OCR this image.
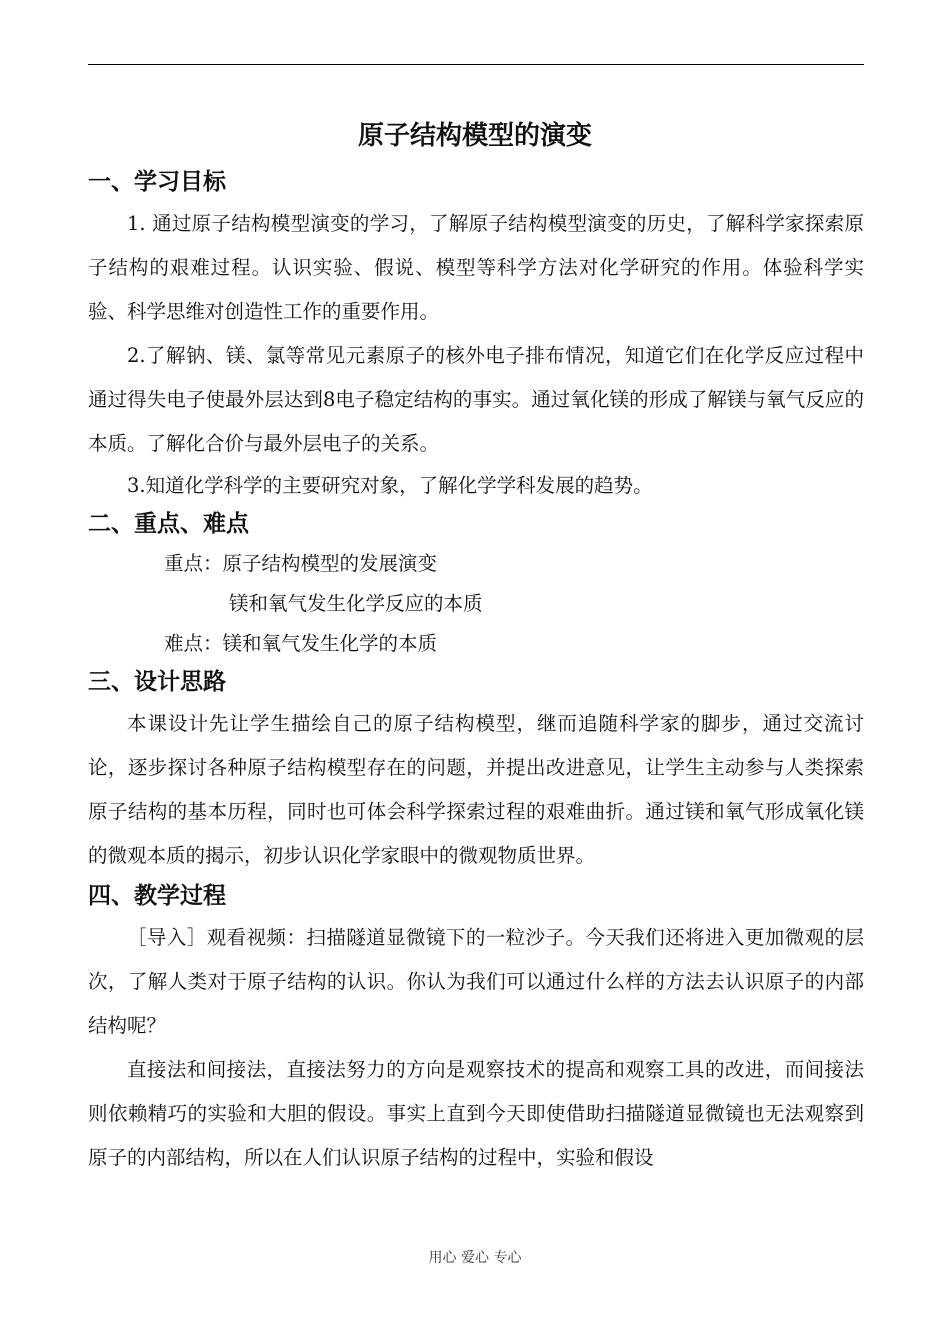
原子结构模型的演变
一、学习目标

1. 通过原子结构模型演变的学习，了解原子结构模型演变的历史，了解科学家探索原子结构的艰难过程。认识实验、假说、模型等科学方法对化学研究的作用。体验科学实验、科学思维对创造性工作的重要作用。

2.了解钠、镁、氯等常见元素原子的核外电子排布情况，知道它们在化学反应过程中通过得失电子使最外层达到8电子稳定结构的事实。通过氧化镁的形成了解镁与氧气反应的本质。了解化合价与最外层电子的关系。

3.知道化学科学的主要研究对象，了解化学学科发展的趋势。

二、重点、难点
重点：原子结构模型的发展演变
镁和氧气发生化学反应的本质
难点：镁和氧气发生化学的本质
三、设计思路

本课设计先让学生描绘自己的原子结构模型，继而追随科学家的脚步，通过交流讨论，逐步探讨各种原子结构模型存在的问题，并提出改进意见，让学生主动参与人类探索原子结构的基本历程，同时也可体会科学探索过程的艰难曲折。通过镁和氧气形成氧化镁的微观本质的揭示，初步认识化学家眼中的微观物质世界。

四、教学过程

［导入］观看视频：扫描隧道显微镜下的一粒沙子。今天我们还将进入更加微观的层次，了解人类对于原子结构的认识。你认为我们可以通过什么样的方法去认识原子的内部结构呢？

直接法和间接法，直接法努力的方向是观察技术的提高和观察工具的改进，而间接法则依赖精巧的实验和大胆的假设。事实上直到今天即使借助扫描隧道显微镜也无法观察到原子的内部结构，所以在人们认识原子结构的过程中，实验和假设

用心 爱心 专心
